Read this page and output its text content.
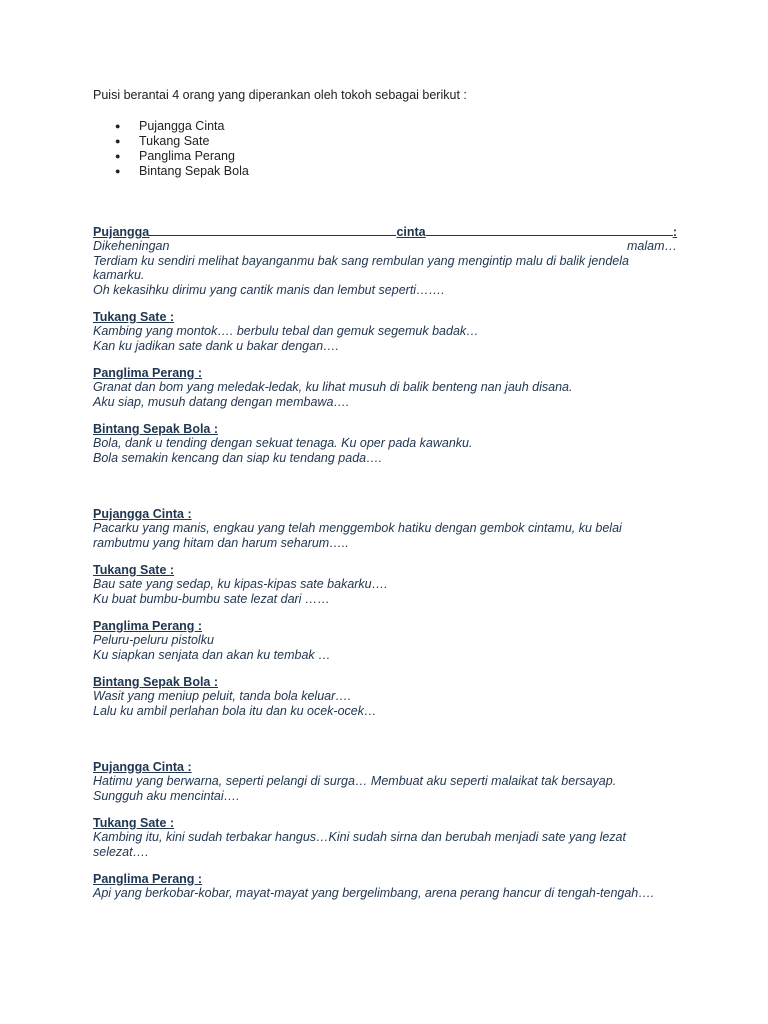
Puisi berantai 4 orang yang diperankan oleh tokoh sebagai berikut :

● Pujangga Cinta
● Tukang Sate
● Panglima Perang
● Bintang Sepak Bola
Pujangga	cinta	:
Dikeheningan	malam…
Terdiam ku sendiri melihat bayanganmu bak sang rembulan yang mengintip malu di balik jendela kamarku.
Oh kekasihku dirimu yang cantik manis dan lembut seperti…….
Tukang Sate :
Kambing yang montok…. berbulu tebal dan gemuk segemuk badak…
Kan ku jadikan sate dank u bakar dengan….
Panglima Perang :
Granat dan bom yang meledak-ledak, ku lihat musuh di balik benteng nan jauh disana.
Aku siap, musuh datang dengan membawa….
Bintang Sepak Bola :
Bola, dank u tending dengan sekuat tenaga. Ku oper pada kawanku.
Bola semakin kencang dan siap ku tendang pada….
Pujangga Cinta :
Pacarku yang manis, engkau yang telah menggembok hatiku dengan gembok cintamu, ku belai rambutmu yang hitam dan harum seharum…..
Tukang Sate :
Bau sate yang sedap, ku kipas-kipas sate bakarku….
Ku buat bumbu-bumbu sate lezat dari ……
Panglima Perang :
Peluru-peluru pistolku
Ku siapkan senjata dan akan ku tembak …
Bintang Sepak Bola :
Wasit yang meniup peluit, tanda bola keluar….
Lalu ku ambil perlahan bola itu dan ku ocek-ocek…
Pujangga Cinta :
Hatimu yang berwarna, seperti pelangi di surga… Membuat aku seperti malaikat tak bersayap.
Sungguh aku mencintai….
Tukang Sate :
Kambing itu, kini sudah terbakar hangus…Kini sudah sirna dan berubah menjadi sate yang lezat selezat….
Panglima Perang :
Api yang berkobar-kobar, mayat-mayat yang bergelimbang, arena perang hancur di tengah-tengah….
